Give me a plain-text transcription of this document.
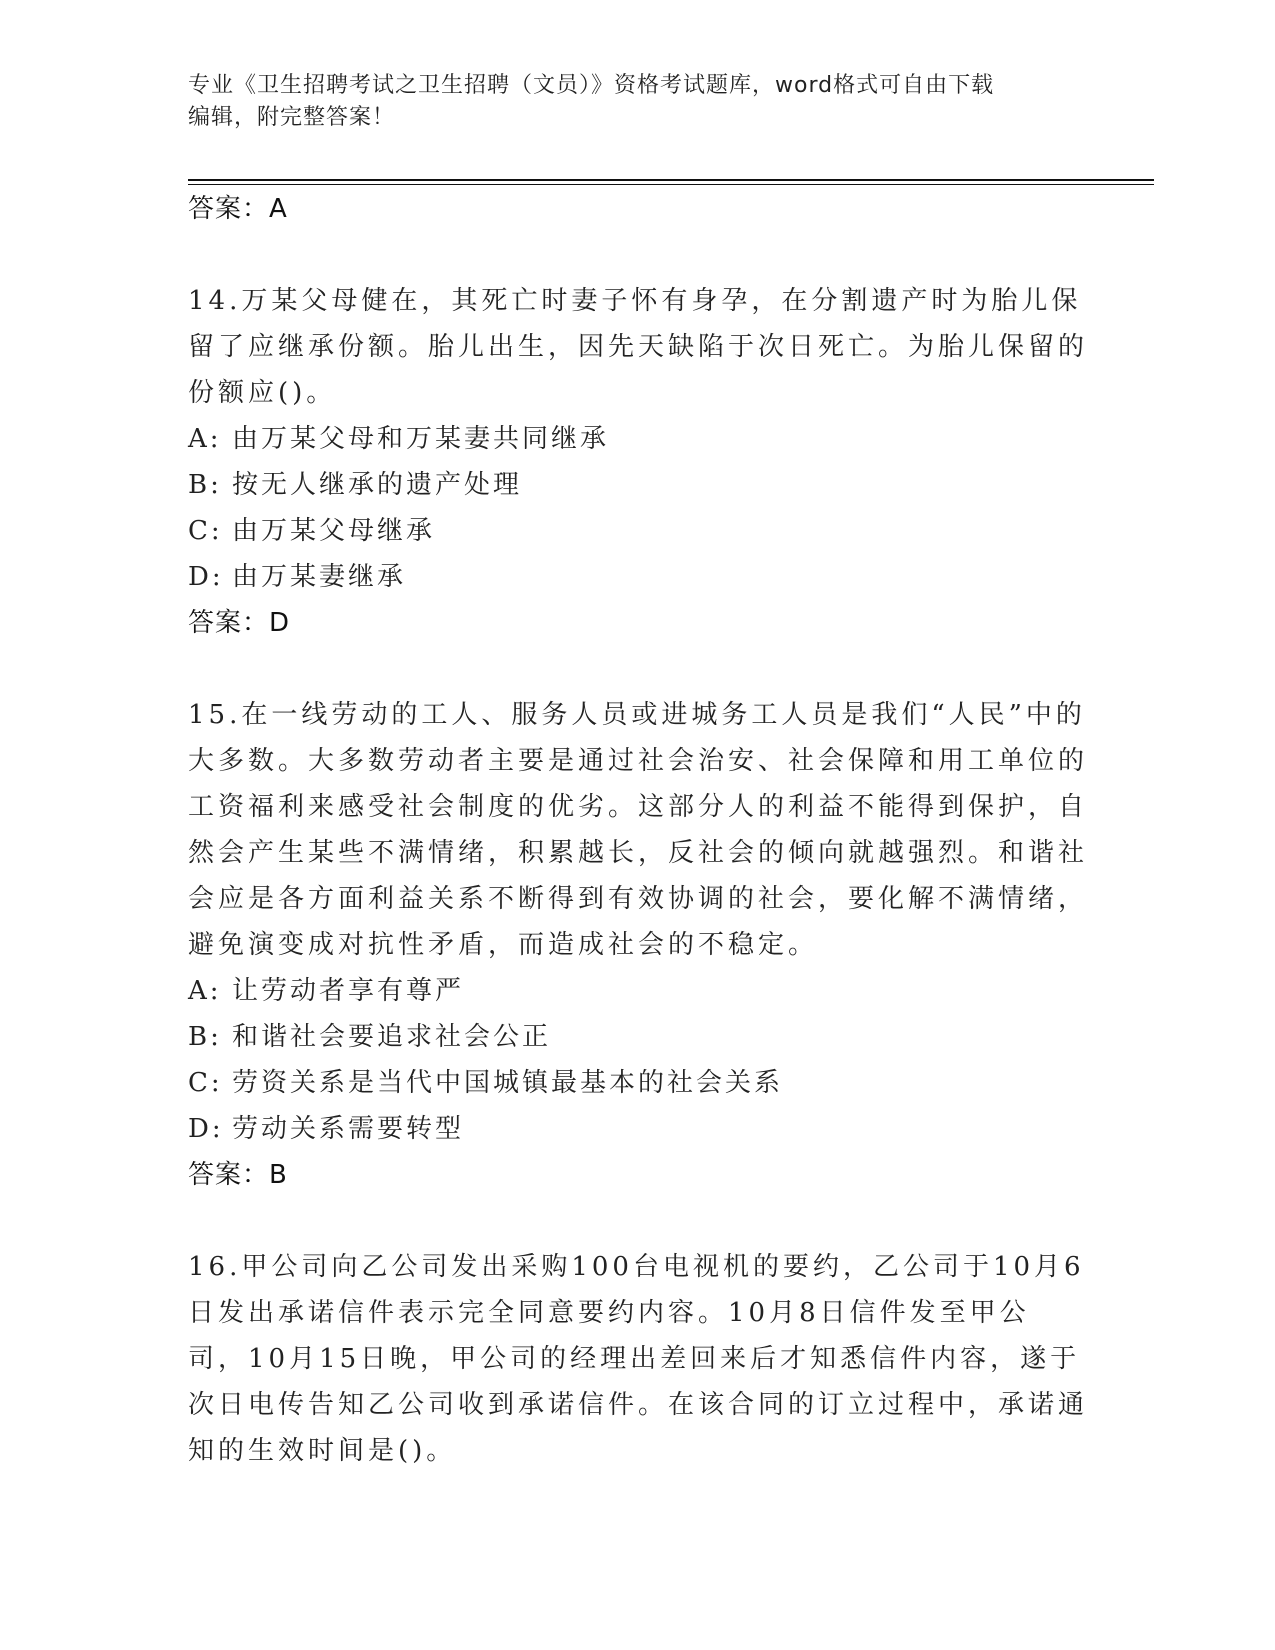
专业《卫生招聘考试之卫生招聘（文员）》资格考试题库，word格式可自由下载
编辑，附完整答案！
答案：A
14.万某父母健在，其死亡时妻子怀有身孕，在分割遗产时为胎儿保留了应继承份额。胎儿出生，因先天缺陷于次日死亡。为胎儿保留的份额应()。
A: 由万某父母和万某妻共同继承
B: 按无人继承的遗产处理
C: 由万某父母继承
D: 由万某妻继承
答案：D
15.在一线劳动的工人、服务人员或进城务工人员是我们“人民”中的大多数。大多数劳动者主要是通过社会治安、社会保障和用工单位的工资福利来感受社会制度的优劣。这部分人的利益不能得到保护，自然会产生某些不满情绪，积累越长，反社会的倾向就越强烈。和谐社会应是各方面利益关系不断得到有效协调的社会，要化解不满情绪，避免演变成对抗性矛盾，而造成社会的不稳定。
A: 让劳动者享有尊严
B: 和谐社会要追求社会公正
C: 劳资关系是当代中国城镇最基本的社会关系
D: 劳动关系需要转型
答案：B
16.甲公司向乙公司发出采购100台电视机的要约，乙公司于10月6日发出承诺信件表示完全同意要约内容。10月8日信件发至甲公司，10月15日晚，甲公司的经理出差回来后才知悉信件内容，遂于次日电传告知乙公司收到承诺信件。在该合同的订立过程中，承诺通知的生效时间是()。
